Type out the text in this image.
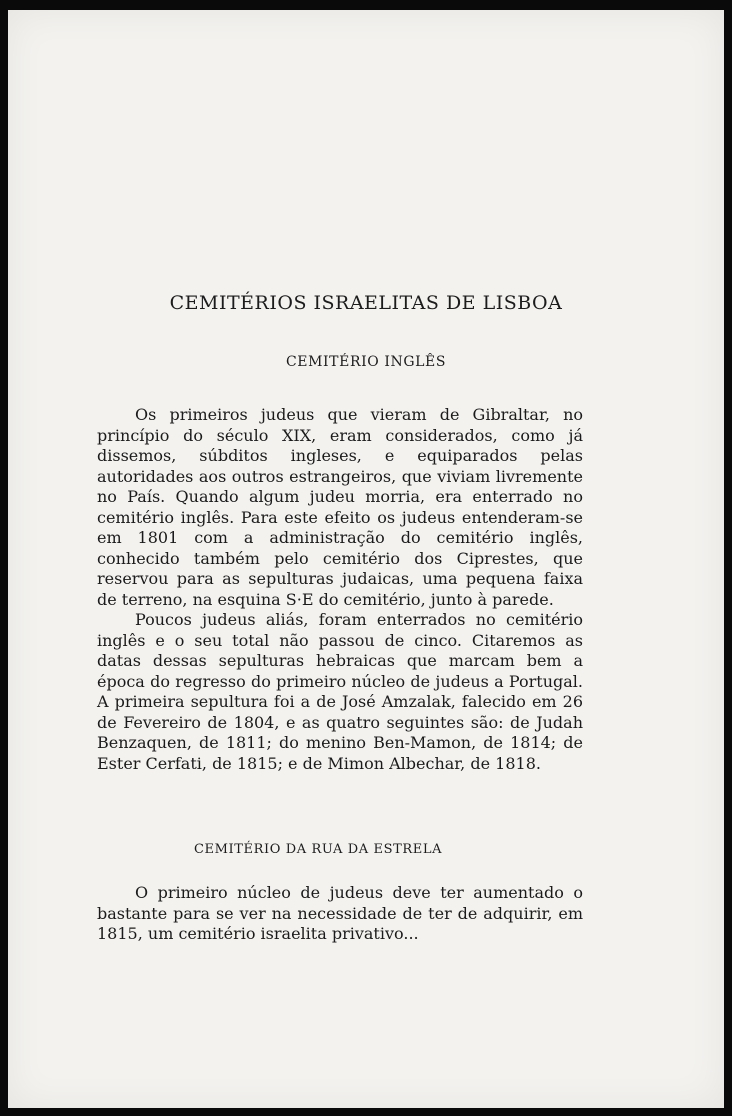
CEMITÉRIOS ISRAELITAS DE LISBOA
CEMITÉRIO INGLÊS

Os primeiros judeus que vieram de Gibraltar, no princípio do século XIX, eram considerados, como já dissemos, súbditos ingleses, e equiparados pelas autoridades aos outros estrangeiros, que viviam livremente no País. Quando algum judeu morria, era enterrado no cemitério inglês. Para este efeito os judeus entenderam-se em 1801 com a administração do cemitério inglês, conhecido também pelo cemitério dos Ciprestes, que reservou para as sepulturas judaicas, uma pequena faixa de terreno, na esquina S·E do cemitério, junto à parede.

Poucos judeus aliás, foram enterrados no cemitério inglês e o seu total não passou de cinco. Citaremos as datas dessas sepulturas hebraicas que marcam bem a época do regresso do primeiro núcleo de judeus a Portugal. A primeira sepultura foi a de José Amzalak, falecido em 26 de Fevereiro de 1804, e as quatro seguintes são: de Judah Benzaquen, de 1811; do menino Ben-Mamon, de 1814; de Ester Cerfati, de 1815; e de Mimon Albechar, de 1818.

CEMITÉRIO DA RUA DA ESTRELA

O primeiro núcleo de judeus deve ter aumentado o bastante para se ver na necessidade de ter de adquirir, em 1815, um cemitério israelita privativo...
